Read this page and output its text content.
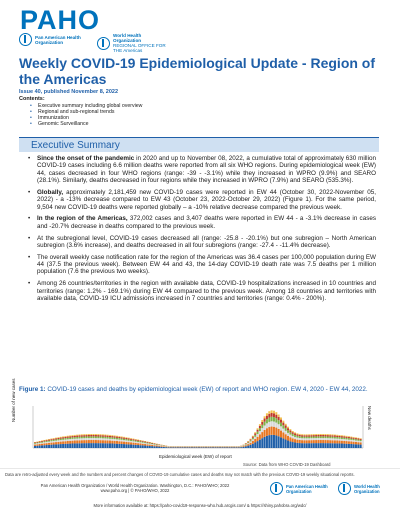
PAHO
Pan American Health Organization
World Health Organization
REGIONAL OFFICE FOR THE Americas
Weekly COVID-19 Epidemiological Update - Region of the Americas
Issue 40, published November 8, 2022
Contents:
• Executive summary including global overview
• Regional and sub-regional trends
• Immunization
• Genomic Surveillance
Executive Summary
• Since the onset of the pandemic in 2020 and up to November 08, 2022, a cumulative total of approximately 630 million COVID-19 cases including 6.6 million deaths were reported from all six WHO regions. During epidemiological week (EW) 44, cases decreased in four WHO regions (range: -39 - -3.1%) while they increased in WPRO (9.9%) and SEARO (28.1%). Similarly, deaths decreased in four regions while they increased in WPRO (7.9%) and SEARO (535.3%).
• Globally, approximately 2,181,459 new COVID-19 cases were reported in EW 44 (October 30, 2022-November 05, 2022) - a -13% decrease compared to EW 43 (October 23, 2022-October 29, 2022) (Figure 1). For the same period, 9,504 new COVID-19 deaths were reported globally – a -10% relative decrease compared the previous week.
• In the region of the Americas, 372,002 cases and 3,407 deaths were reported in EW 44 - a -3.1% decrease in cases and -20.7% decrease in deaths compared to the previous week.
• At the subregional level, COVID-19 cases decreased all (range: -25.8 - -20.1%) but one subregion – North American subregion (3.6% increase), and deaths decreased in all four subregions (range: -27.4 - -11.4% decrease).
• The overall weekly case notification rate for the region of the Americas was 36.4 cases per 100,000 population during EW 44 (37.5 the previous week). Between EW 44 and 43, the 14-day COVID-19 death rate was 7.5 deaths per 1 million population (7.6 the previous two weeks).
• Among 26 countries/territories in the region with available data, COVID-19 hospitalizations increased in 10 countries and territories (range: 1.2% - 169.1%) during EW 44 compared to the previous week. Among 18 countries and territories with available data, COVID-19 ICU admissions increased in 7 countries and territories (range: 0.4% - 200%).
Figure 1: COVID-19 cases and deaths by epidemiological week (EW) of report and WHO region. EW 4, 2020 - EW 44, 2022.
Number of new cases	New deaths
Epidemiological week (EW) of report
Source: Data from WHO COVID-19 Dashboard
Data are retro-adjusted every week and the numbers and percent changes of COVID-19 cumulative cases and deaths may not match with the previous COVID-19 weekly situational reports.
Pan American Health Organization / World Health Organization. Washington, D.C.: PAHO/WHO; 2022
www.paho.org | © PAHO/WHO, 2022
Pan American Health Organization
World Health Organization
More information available at: https://paho-covid19-response-who.hub.arcgis.com/ & https://shiny.pahobra.org/wdc/
